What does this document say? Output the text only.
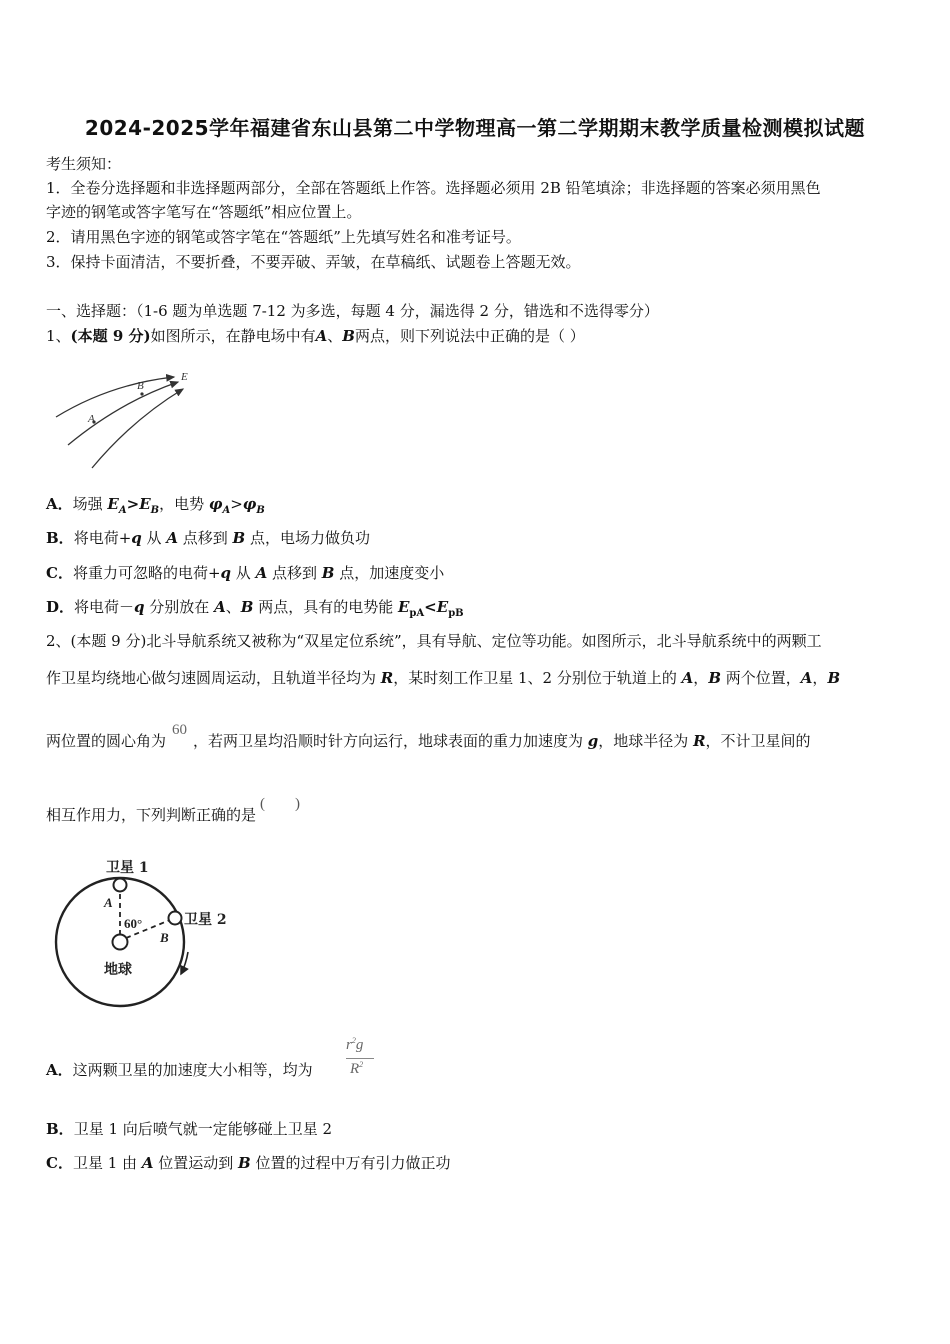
2024-2025学年福建省东山县第二中学物理高一第二学期期末教学质量检测模拟试题
考生须知：
1．全卷分选择题和非选择题两部分，全部在答题纸上作答。选择题必须用 2B 铅笔填涂；非选择题的答案必须用黑色
字迹的钢笔或答字笔写在“答题纸”相应位置上。
2．请用黑色字迹的钢笔或答字笔在“答题纸”上先填写姓名和准考证号。
3．保持卡面清洁，不要折叠，不要弄破、弄皱，在草稿纸、试题卷上答题无效。
一、选择题：（1-6 题为单选题 7-12 为多选，每题 4 分，漏选得 2 分，错选和不选得零分）
1、(本题 9 分)如图所示，在静电场中有A、B两点，则下列说法中正确的是（ ）
E
B
A
A．场强 $E_A>E_B$，电势 $\varphi_A>\varphi_B$
B．将电荷+q 从 A 点移到 B 点，电场力做负功
C．将重力可忽略的电荷+q 从 A 点移到 B 点，加速度变小
D．将电荷－q 分别放在 A、B 两点，具有的电势能 $E_{pA}<E_{pB}$
2、(本题 9 分)北斗导航系统又被称为“双星定位系统”，具有导航、定位等功能。如图所示，北斗导航系统中的两颗工
作卫星均绕地心做匀速圆周运动，且轨道半径均为 R，某时刻工作卫星 1、2 分别位于轨道上的 A，B 两个位置，A，B
两位置的圆心角为60，若两卫星均沿顺时针方向运行，地球表面的重力加速度为 g，地球半径为 R，不计卫星间的
相互作用力，下列判断正确的是(　　)
卫星 1
卫星 2
A
B
60°
地球
A．这两颗卫星的加速度大小相等，均为
$r^2g$
$R^2$
B．卫星 1 向后喷气就一定能够碰上卫星 2
C．卫星 1 由 A 位置运动到 B 位置的过程中万有引力做正功
